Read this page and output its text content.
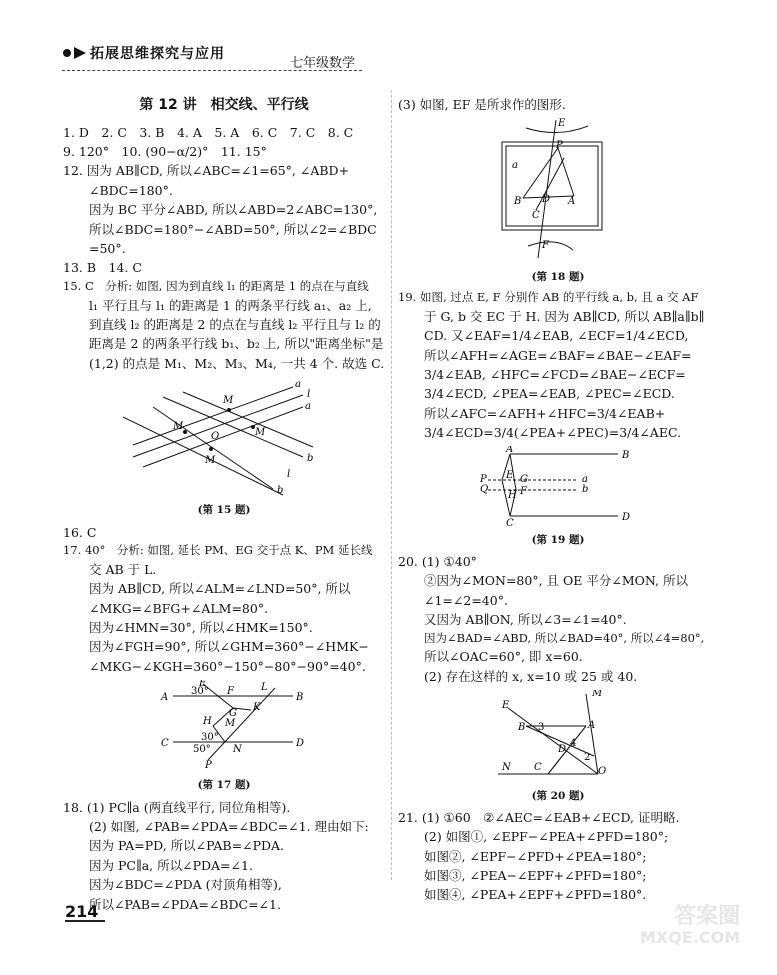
拓展思维探究与应用
七年级数学
第 12 讲　相交线、平行线

1. D　2. C　3. B　4. A　5. A　6. C　7. C　8. C

9. 120°　10. (90−α/2)°　11. 15°

12. 因为 AB∥CD, 所以∠ABC=∠1=65°, ∠ABD+

∠BDC=180°.

因为 BC 平分∠ABD, 所以∠ABD=2∠ABC=130°,

所以∠BDC=180°−∠ABD=50°, 所以∠2=∠BDC

=50°.

13. B　14. C

15. C　分析: 如图, 因为到直线 l₁ 的距离是 1 的点在与直线

l₁ 平行且与 l₁ 的距离是 1 的两条平行线 a₁、a₂ 上,

到直线 l₂ 的距离是 2 的点在与直线 l₂ 平行且与 l₂ 的

距离是 2 的两条平行线 b₁、b₂ 上, 所以"距离坐标"是

(1,2) 的点是 M₁、M₂、M₃、M₄, 一共 4 个. 故选 C.

M
M
M
M
O
a
a
l
b
b
l
(第 15 题)

16. C

17. 40°　分析: 如图, 延长 PM、EG 交于点 K、PM 延长线

交 AB 于 L.

因为 AB∥CD, 所以∠ALM=∠LND=50°, 所以

∠MKG=∠BFG+∠ALM=80°.

因为∠HMN=30°, 所以∠HMK=150°.

因为∠FGH=90°, 所以∠GHM=360°−∠HMK−

∠MKG−∠KGH=360°−150°−80°−90°=40°.

A	B
C	D
E
F	L
G
K
H M
N
P
30°
30°
50°
(第 17 题)

18. (1) PC∥a (两直线平行, 同位角相等).

(2) 如图, ∠PAB=∠PDA=∠BDC=∠1. 理由如下:

因为 PA=PD, 所以∠PAB=∠PDA.

因为 PC∥a, 所以∠PDA=∠1.

因为∠BDC=∠PDA (对顶角相等),

所以∠PAB=∠PDA=∠BDC=∠1.

(3) 如图, EF 是所求作的图形.

E
P
a
B D A
C
F
(第 18 题)

19. 如图, 过点 E, F 分别作 AB 的平行线 a, b, 且 a 交 AF

于 G, b 交 EC 于 H. 因为 AB∥CD, 所以 AB∥a∥b∥

CD. 又∠EAF=1/4∠EAB, ∠ECF=1/4∠ECD,

所以∠AFH=∠AGE=∠BAF=∠BAE−∠EAF=

3/4∠EAB, ∠HFC=∠FCD=∠BAE−∠ECF=

3/4∠ECD, ∠PEA=∠EAB, ∠PEC=∠ECD.

所以∠AFC=∠AFH+∠HFC=3/4∠EAB+

3/4∠ECD=3/4(∠PEA+∠PEC)=3/4∠AEC.

A
B
C
D
P
Q
E G
H F
a
b
(第 19 题)

20. (1) ①40°

②因为∠MON=80°, 且 OE 平分∠MON, 所以

∠1=∠2=40°.

又因为 AB∥ON, 所以∠3=∠1=40°.

因为∠BAD=∠ABD, 所以∠BAD=40°, 所以∠4=80°,

所以∠OAC=60°, 即 x=60.

(2) 存在这样的 x, x=10 或 25 或 40.

E
M
B	A
D
C
N	O
3
4
2
(第 20 题)

21. (1) ①60　②∠AEC=∠EAB+∠ECD, 证明略.

(2) 如图①, ∠EPF−∠PEA+∠PFD=180°;

如图②, ∠EPF−∠PFD+∠PEA=180°;

如图③, ∠PEA−∠EPF+∠PFD=180°;

如图④, ∠PEA+∠EPF+∠PFD=180°.

214	答案圈
MXQE.COM
